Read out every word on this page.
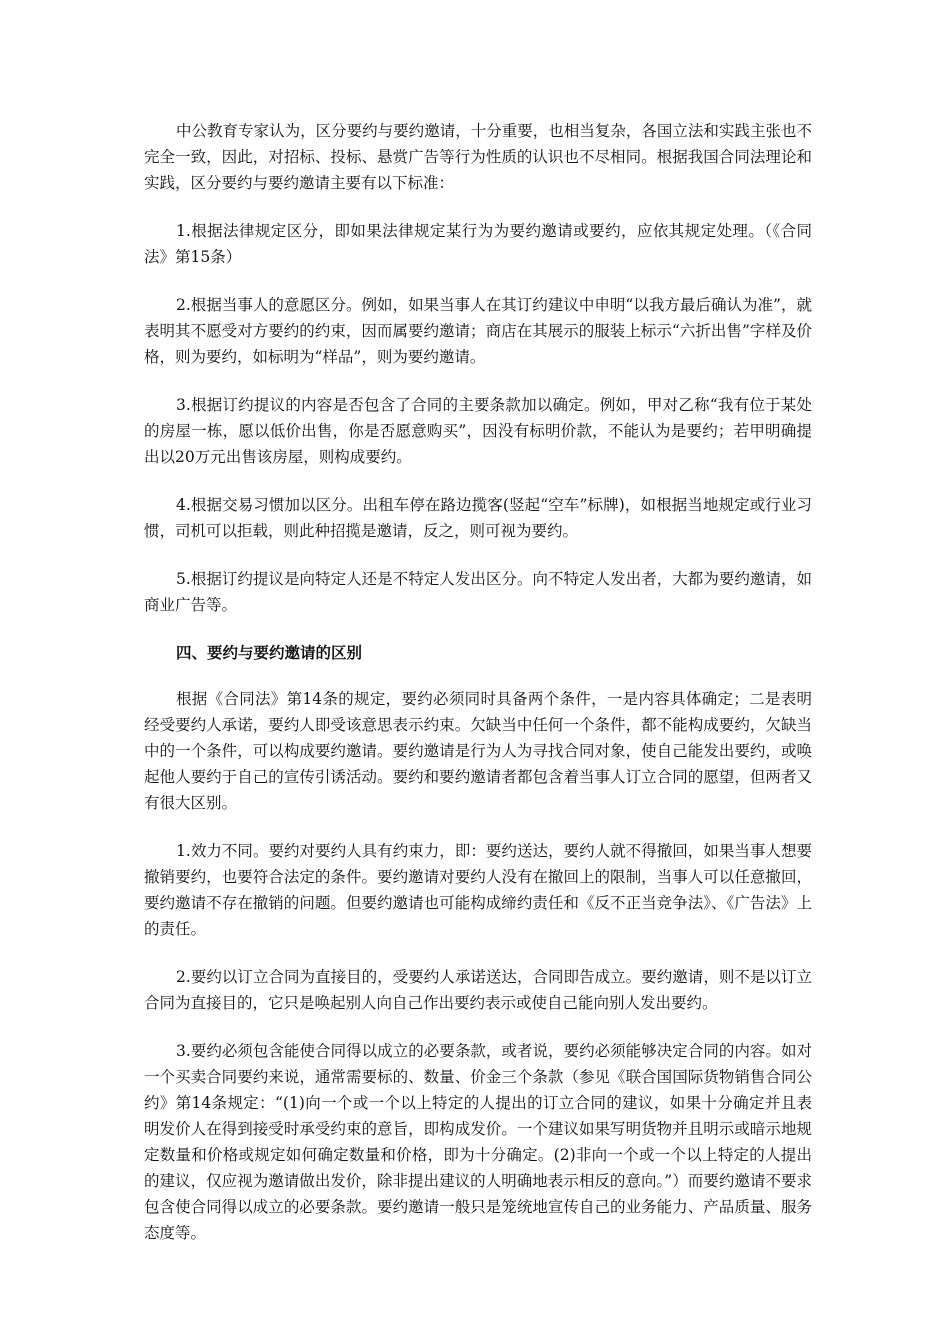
中公教育专家认为，区分要约与要约邀请，十分重要，也相当复杂，各国立法和实践主张也不完全一致，因此，对招标、投标、悬赏广告等行为性质的认识也不尽相同。根据我国合同法理论和实践，区分要约与要约邀请主要有以下标准：

1.根据法律规定区分，即如果法律规定某行为为要约邀请或要约，应依其规定处理。（《合同法》第15条）

2.根据当事人的意愿区分。例如，如果当事人在其订约建议中申明“以我方最后确认为准”，就表明其不愿受对方要约的约束，因而属要约邀请；商店在其展示的服装上标示“六折出售”字样及价格，则为要约，如标明为“样品”，则为要约邀请。

3.根据订约提议的内容是否包含了合同的主要条款加以确定。例如，甲对乙称“我有位于某处的房屋一栋，愿以低价出售，你是否愿意购买”，因没有标明价款，不能认为是要约；若甲明确提出以20万元出售该房屋，则构成要约。

4.根据交易习惯加以区分。出租车停在路边揽客(竖起“空车”标牌)，如根据当地规定或行业习惯，司机可以拒载，则此种招揽是邀请，反之，则可视为要约。

5.根据订约提议是向特定人还是不特定人发出区分。向不特定人发出者，大都为要约邀请，如商业广告等。

四、要约与要约邀请的区别

根据《合同法》第14条的规定，要约必须同时具备两个条件，一是内容具体确定；二是表明经受要约人承诺，要约人即受该意思表示约束。欠缺当中任何一个条件，都不能构成要约，欠缺当中的一个条件，可以构成要约邀请。要约邀请是行为人为寻找合同对象，使自己能发出要约，或唤起他人要约于自己的宣传引诱活动。要约和要约邀请者都包含着当事人订立合同的愿望，但两者又有很大区别。

1.效力不同。要约对要约人具有约束力，即：要约送达，要约人就不得撤回，如果当事人想要撤销要约，也要符合法定的条件。要约邀请对要约人没有在撤回上的限制，当事人可以任意撤回，要约邀请不存在撤销的问题。但要约邀请也可能构成缔约责任和《反不正当竞争法》、《广告法》上的责任。

2.要约以订立合同为直接目的，受要约人承诺送达，合同即告成立。要约邀请，则不是以订立合同为直接目的，它只是唤起别人向自己作出要约表示或使自己能向别人发出要约。

3.要约必须包含能使合同得以成立的必要条款，或者说，要约必须能够决定合同的内容。如对一个买卖合同要约来说，通常需要标的、数量、价金三个条款（参见《联合国国际货物销售合同公约》第14条规定：“(1)向一个或一个以上特定的人提出的订立合同的建议，如果十分确定并且表明发价人在得到接受时承受约束的意旨，即构成发价。一个建议如果写明货物并且明示或暗示地规定数量和价格或规定如何确定数量和价格，即为十分确定。(2)非向一个或一个以上特定的人提出的建议，仅应视为邀请做出发价，除非提出建议的人明确地表示相反的意向。”）而要约邀请不要求包含使合同得以成立的必要条款。要约邀请一般只是笼统地宣传自己的业务能力、产品质量、服务态度等。
